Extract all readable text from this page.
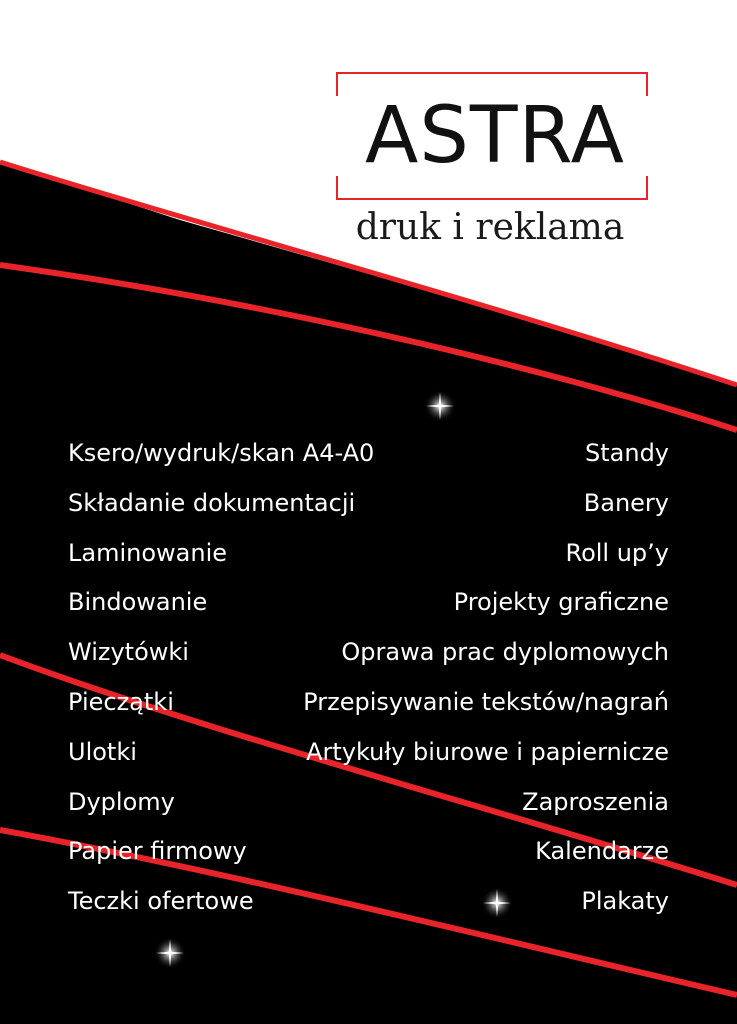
ASTRA
druk i reklama
Ksero/wydruk/skan A4-A0
Składanie dokumentacji
Laminowanie
Bindowanie
Wizytówki
Pieczątki
Ulotki
Dyplomy
Papier firmowy
Teczki ofertowe
Standy
Banery
Roll up’y
Projekty graficzne
Oprawa prac dyplomowych
Przepisywanie tekstów/nagrań
Artykuły biurowe i papiernicze
Zaproszenia
Kalendarze
Plakaty
